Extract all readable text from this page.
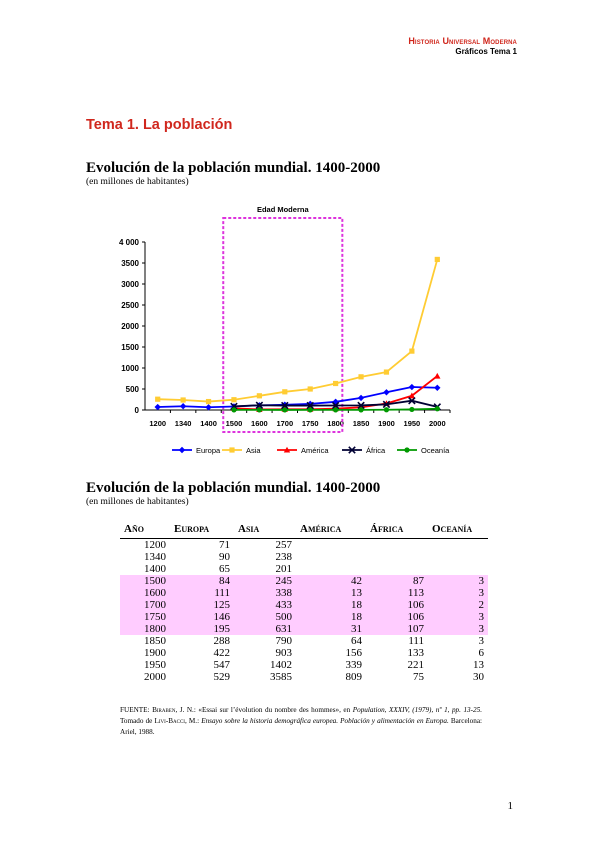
Historia Universal Moderna
Gráficos Tema 1
Tema 1. La población
Evolución de la población mundial. 1400-2000
(en millones de habitantes)
0
500
1000
1500
2000
2500
3000
3500
4 000
1200 1340 1400 1500 1600 1700 1750 1800 1850 1900 1950 2000
Edad Moderna
Europa	Asia	América	África	Oceanía
Evolución de la población mundial. 1400-2000
(en millones de habitantes)
Año	Europa	Asia	América	África	Oceanía
1200	71	257			
1340	90	238			
1400	65	201			
1500	84	245	42	87	3
1600	111	338	13	113	3
1700	125	433	18	106	2
1750	146	500	18	106	3
1800	195	631	31	107	3
1850	288	790	64	111	3
1900	422	903	156	133	6
1950	547	1402	339	221	13
2000	529	3585	809	75	30
FUENTE: Biraben, J. N.: «Essai sur l’évolution du nombre des hommes», en Population, XXXIV, (1979), nº 1, pp. 13-25. Tomado de Livi-Bacci, M.: Ensayo sobre la historia demográfica europea. Población y alimentación en Europa. Barcelona: Ariel, 1988.
1
